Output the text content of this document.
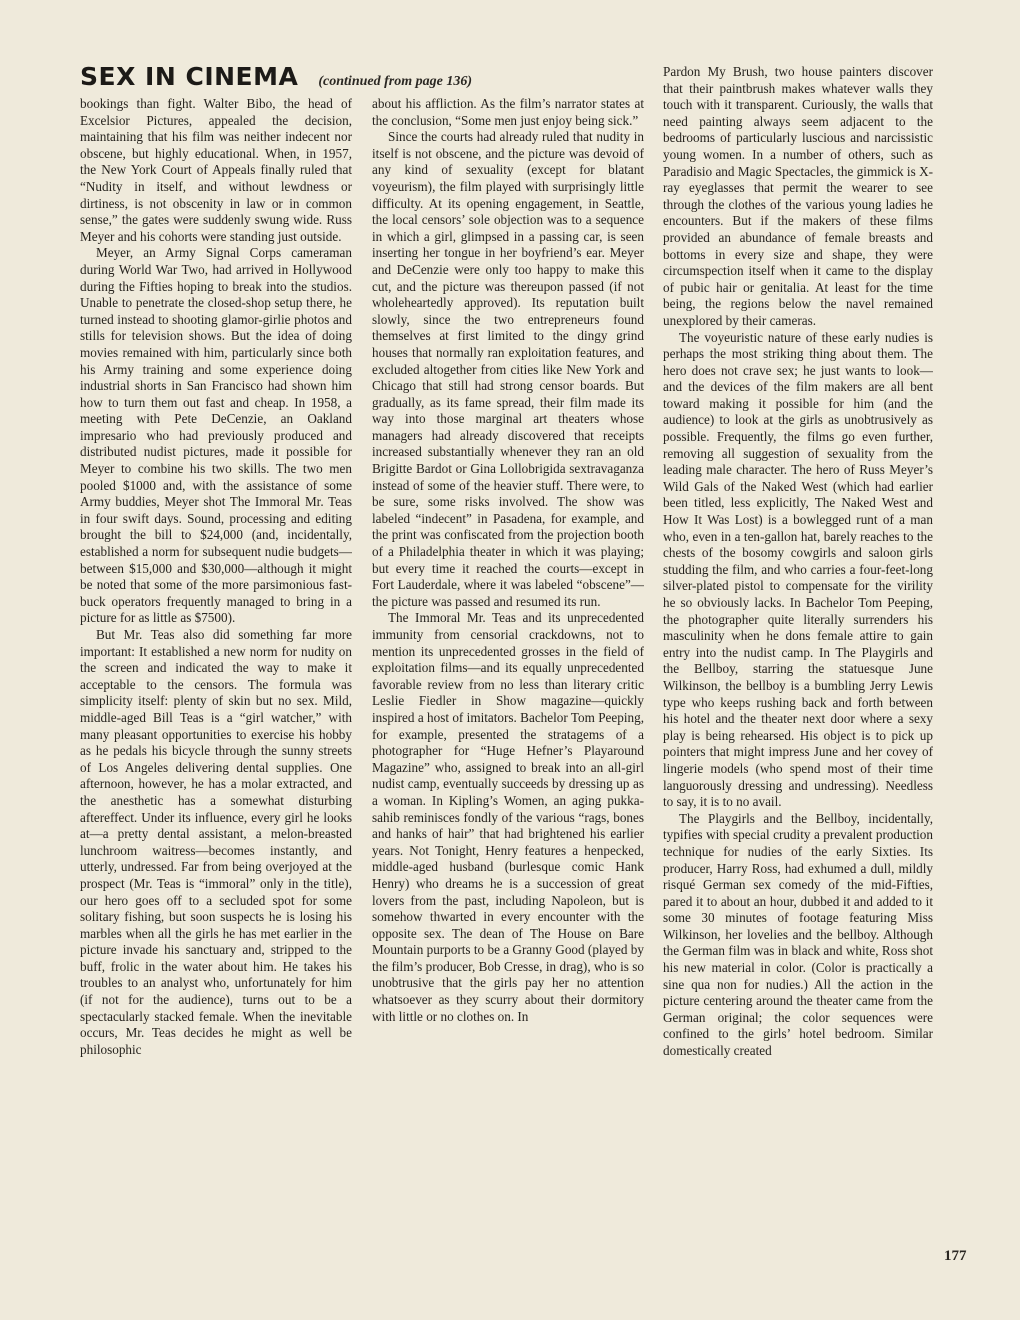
SEX IN CINEMA (continued from page 136)

bookings than fight. Walter Bibo, the head of Excelsior Pictures, appealed the decision, maintaining that his film was neither indecent nor obscene, but highly educational. When, in 1957, the New York Court of Appeals finally ruled that “Nudity in itself, and without lewdness or dirtiness, is not obscenity in law or in common sense,” the gates were suddenly swung wide. Russ Meyer and his cohorts were standing just outside.

Meyer, an Army Signal Corps cameraman during World War Two, had arrived in Hollywood during the Fifties hoping to break into the studios. Unable to penetrate the closed-shop setup there, he turned instead to shooting glamor-girlie photos and stills for television shows. But the idea of doing movies remained with him, particularly since both his Army training and some experience doing industrial shorts in San Francisco had shown him how to turn them out fast and cheap. In 1958, a meeting with Pete DeCenzie, an Oakland impresario who had previously produced and distributed nudist pictures, made it possible for Meyer to combine his two skills. The two men pooled $1000 and, with the assistance of some Army buddies, Meyer shot The Immoral Mr. Teas in four swift days. Sound, processing and editing brought the bill to $24,000 (and, incidentally, established a norm for subsequent nudie budgets—between $15,000 and $30,000—although it might be noted that some of the more parsimonious fast-buck operators frequently managed to bring in a picture for as little as $7500).

But Mr. Teas also did something far more important: It established a new norm for nudity on the screen and indicated the way to make it acceptable to the censors. The formula was simplicity itself: plenty of skin but no sex. Mild, middle-aged Bill Teas is a “girl watcher,” with many pleasant opportunities to exercise his hobby as he pedals his bicycle through the sunny streets of Los Angeles delivering dental supplies. One afternoon, however, he has a molar extracted, and the anesthetic has a somewhat disturbing aftereffect. Under its influence, every girl he looks at—a pretty dental assistant, a melon-breasted lunchroom waitress—becomes instantly, and utterly, undressed. Far from being overjoyed at the prospect (Mr. Teas is “immoral” only in the title), our hero goes off to a secluded spot for some solitary fishing, but soon suspects he is losing his marbles when all the girls he has met earlier in the picture invade his sanctuary and, stripped to the buff, frolic in the water about him. He takes his troubles to an analyst who, unfortunately for him (if not for the audience), turns out to be a spectacularly stacked female. When the inevitable occurs, Mr. Teas decides he might as well be philosophic

about his affliction. As the film’s narrator states at the conclusion, “Some men just enjoy being sick.”

Since the courts had already ruled that nudity in itself is not obscene, and the picture was devoid of any kind of sexuality (except for blatant voyeurism), the film played with surprisingly little difficulty. At its opening engagement, in Seattle, the local censors’ sole objection was to a sequence in which a girl, glimpsed in a passing car, is seen inserting her tongue in her boyfriend’s ear. Meyer and DeCenzie were only too happy to make this cut, and the picture was thereupon passed (if not wholeheartedly approved). Its reputation built slowly, since the two entrepreneurs found themselves at first limited to the dingy grind houses that normally ran exploitation features, and excluded altogether from cities like New York and Chicago that still had strong censor boards. But gradually, as its fame spread, their film made its way into those marginal art theaters whose managers had already discovered that receipts increased substantially whenever they ran an old Brigitte Bardot or Gina Lollobrigida sextravaganza instead of some of the heavier stuff. There were, to be sure, some risks involved. The show was labeled “indecent” in Pasadena, for example, and the print was confiscated from the projection booth of a Philadelphia theater in which it was playing; but every time it reached the courts—except in Fort Lauderdale, where it was labeled “obscene”—the picture was passed and resumed its run.

The Immoral Mr. Teas and its unprecedented immunity from censorial crackdowns, not to mention its unprecedented grosses in the field of exploitation films—and its equally unprecedented favorable review from no less than literary critic Leslie Fiedler in Show magazine—quickly inspired a host of imitators. Bachelor Tom Peeping, for example, presented the stratagems of a photographer for “Huge Hefner’s Playaround Magazine” who, assigned to break into an all-girl nudist camp, eventually succeeds by dressing up as a woman. In Kipling’s Women, an aging pukka-sahib reminisces fondly of the various “rags, bones and hanks of hair” that had brightened his earlier years. Not Tonight, Henry features a henpecked, middle-aged husband (burlesque comic Hank Henry) who dreams he is a succession of great lovers from the past, including Napoleon, but is somehow thwarted in every encounter with the opposite sex. The dean of The House on Bare Mountain purports to be a Granny Good (played by the film’s producer, Bob Cresse, in drag), who is so unobtrusive that the girls pay her no attention whatsoever as they scurry about their dormitory with little or no clothes on. In

Pardon My Brush, two house painters discover that their paintbrush makes whatever walls they touch with it transparent. Curiously, the walls that need painting always seem adjacent to the bedrooms of particularly luscious and narcissistic young women. In a number of others, such as Paradisio and Magic Spectacles, the gimmick is X-ray eyeglasses that permit the wearer to see through the clothes of the various young ladies he encounters. But if the makers of these films provided an abundance of female breasts and bottoms in every size and shape, they were circumspection itself when it came to the display of pubic hair or genitalia. At least for the time being, the regions below the navel remained unexplored by their cameras.

The voyeuristic nature of these early nudies is perhaps the most striking thing about them. The hero does not crave sex; he just wants to look—and the devices of the film makers are all bent toward making it possible for him (and the audience) to look at the girls as unobtrusively as possible. Frequently, the films go even further, removing all suggestion of sexuality from the leading male character. The hero of Russ Meyer’s Wild Gals of the Naked West (which had earlier been titled, less explicitly, The Naked West and How It Was Lost) is a bowlegged runt of a man who, even in a ten-gallon hat, barely reaches to the chests of the bosomy cowgirls and saloon girls studding the film, and who carries a four-feet-long silver-plated pistol to compensate for the virility he so obviously lacks. In Bachelor Tom Peeping, the photographer quite literally surrenders his masculinity when he dons female attire to gain entry into the nudist camp. In The Playgirls and the Bellboy, starring the statuesque June Wilkinson, the bellboy is a bumbling Jerry Lewis type who keeps rushing back and forth between his hotel and the theater next door where a sexy play is being rehearsed. His object is to pick up pointers that might impress June and her covey of lingerie models (who spend most of their time languorously dressing and undressing). Needless to say, it is to no avail.

The Playgirls and the Bellboy, incidentally, typifies with special crudity a prevalent production technique for nudies of the early Sixties. Its producer, Harry Ross, had exhumed a dull, mildly risqué German sex comedy of the mid-Fifties, pared it to about an hour, dubbed it and added to it some 30 minutes of footage featuring Miss Wilkinson, her lovelies and the bellboy. Although the German film was in black and white, Ross shot his new material in color. (Color is practically a sine qua non for nudies.) All the action in the picture centering around the theater came from the German original; the color sequences were confined to the girls’ hotel bedroom. Similar domestically created

177
